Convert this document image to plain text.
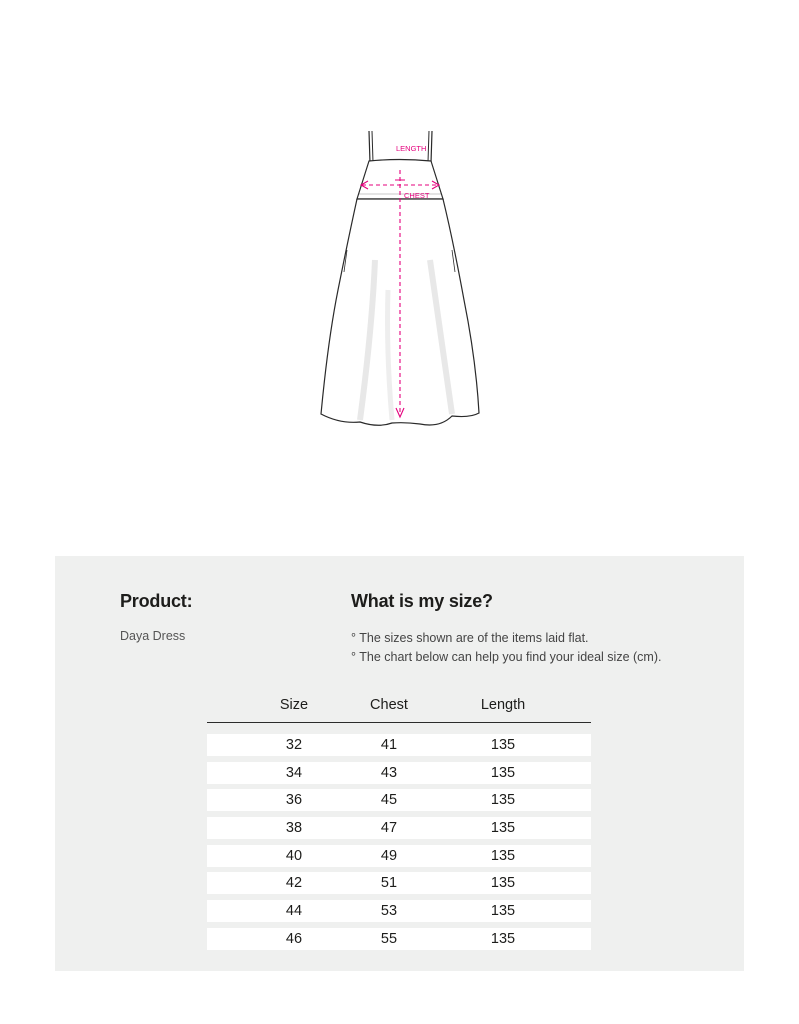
LENGTH
CHEST
Product:

Daya Dress

What is my size?
° The sizes shown are of the items laid flat.
° The chart below can help you find your ideal size (cm).
Size	Chest	Length
32	41	135
34	43	135
36	45	135
38	47	135
40	49	135
42	51	135
44	53	135
46	55	135
